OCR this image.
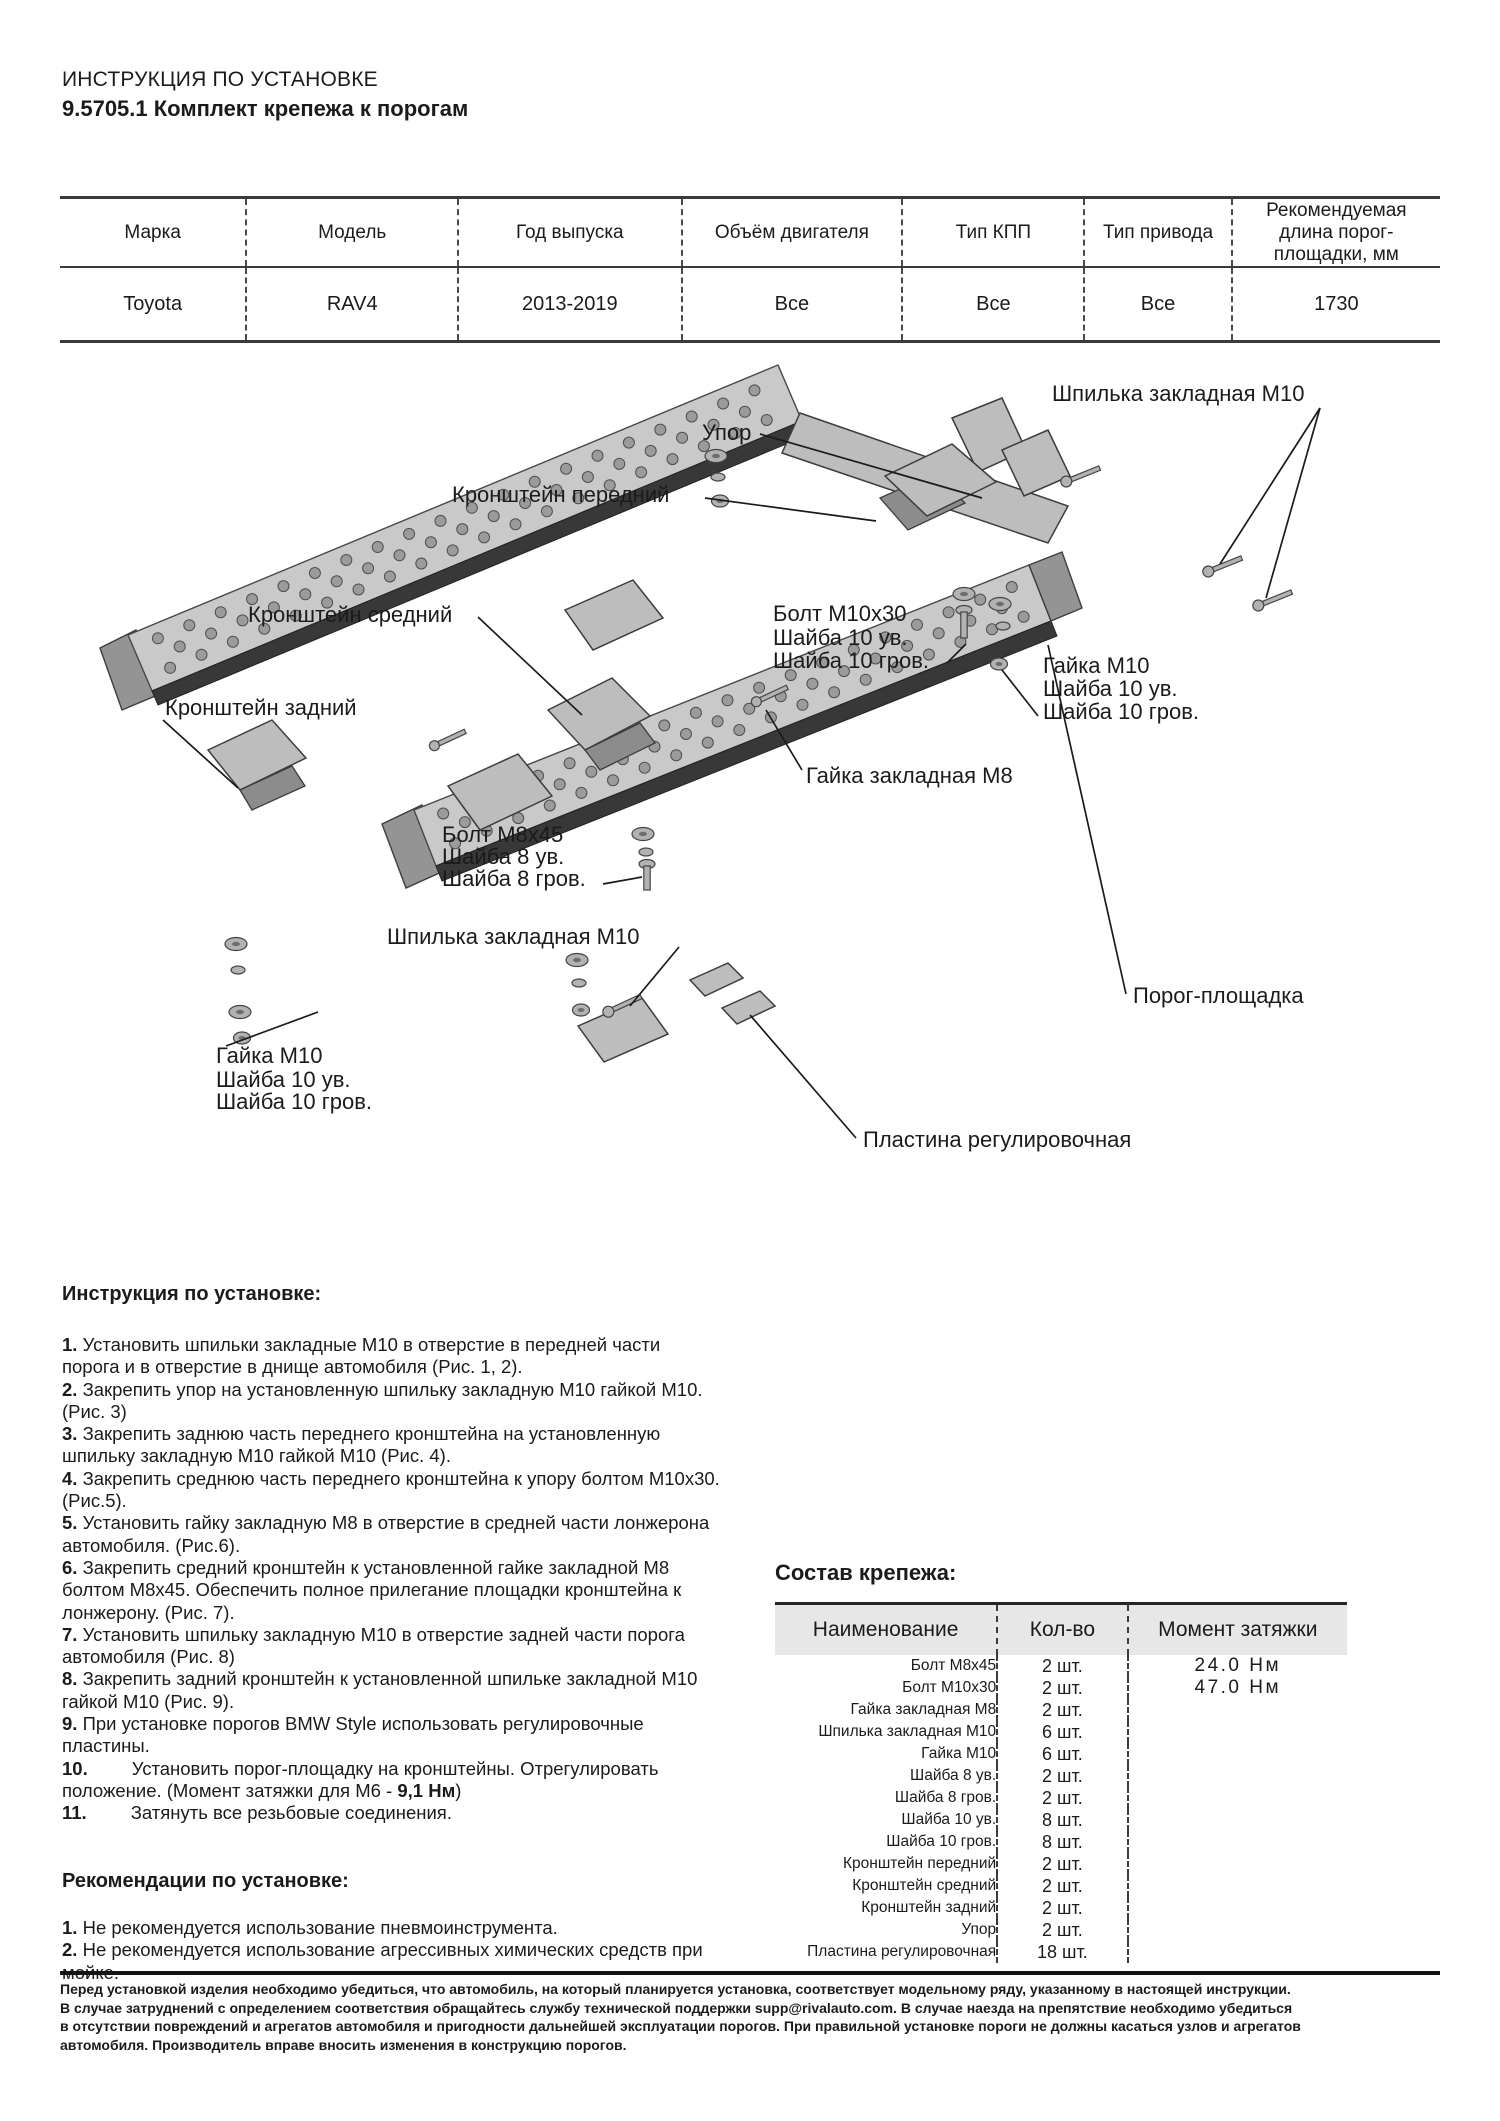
ИНСТРУКЦИЯ ПО УСТАНОВКЕ
9.5705.1 Комплект крепежа к порогам
Марка	Модель	Год выпуска	Объём двигателя	Тип КПП	Тип привода	Рекомендуемая длина порог-площадки, мм
Toyota	RAV4	2013-2019	Все	Все	Все	1730
Шпилька закладная М10
Упор
Кронштейн передний
Кронштейн средний
Кронштейн задний
Болт М10х30
Шайба 10 ув.
Шайба 10 гров.	Гайка М10
Шайба 10 ув.
Шайба 10 гров.
Гайка закладная М8
Болт М8х45
Шайба 8 ув.
Шайба 8 гров.
Шпилька закладная М10
Порог-площадка
Гайка М10
Шайба 10 ув.
Шайба 10 гров.
Пластина регулировочная
Инструкция по установке:

1. Установить шпильки закладные М10 в отверстие в передней части порога и в отверстие в днище автомобиля (Рис. 1, 2).

2. Закрепить упор на установленную шпильку закладную М10 гайкой М10. (Рис. 3)

3. Закрепить заднюю часть переднего кронштейна на установленную шпильку закладную М10 гайкой М10 (Рис. 4).

4. Закрепить среднюю часть переднего кронштейна к упору болтом М10х30. (Рис.5).

5. Установить гайку закладную М8 в отверстие в средней части лонжерона автомобиля. (Рис.6).

6. Закрепить средний кронштейн к установленной гайке закладной М8 болтом М8х45. Обеспечить полное прилегание площадки кронштейна к лонжерону. (Рис. 7).

7. Установить шпильку закладную М10 в отверстие задней части порога автомобиля (Рис. 8)

8. Закрепить задний кронштейн к установленной шпильке закладной М10 гайкой М10 (Рис. 9).

9. При установке порогов BMW Style использовать регулировочные пластины.

10. Установить порог-площадку на кронштейны. Отрегулировать положение. (Момент затяжки для М6 - 9,1 Нм)

11. Затянуть все резьбовые соединения.

Рекомендации по установке:

1. Не рекомендуется использование пневмоинструмента.

2. Не рекомендуется использование агрессивных химических средств при мойке.

Состав крепежа:
Наименование	Кол-во	Момент затяжки
Болт М8х45	2 шт.	24.0 Нм
Болт М10х30	2 шт.	47.0 Нм
Гайка закладная М8	2 шт.	
Шпилька закладная М10	6 шт.	
Гайка М10	6 шт.	
Шайба 8 ув.	2 шт.	
Шайба 8 гров.	2 шт.	
Шайба 10 ув.	8 шт.	
Шайба 10 гров.	8 шт.	
Кронштейн передний	2 шт.	
Кронштейн средний	2 шт.	
Кронштейн задний	2 шт.	
Упор	2 шт.	
Пластина регулировочная	18 шт.	
Перед установкой изделия необходимо убедиться, что автомобиль, на который планируется установка, соответствует модельному ряду, указанному в настоящей инструкции.
В случае затруднений с определением соответствия обращайтесь службу технической поддержки supp@rivalauto.com. В случае наезда на препятствие необходимо убедиться
в отсутствии повреждений и агрегатов автомобиля и пригодности дальнейшей эксплуатации порогов. При правильной установке пороги не должны касаться узлов и агрегатов
автомобиля. Производитель вправе вносить изменения в конструкцию порогов.
